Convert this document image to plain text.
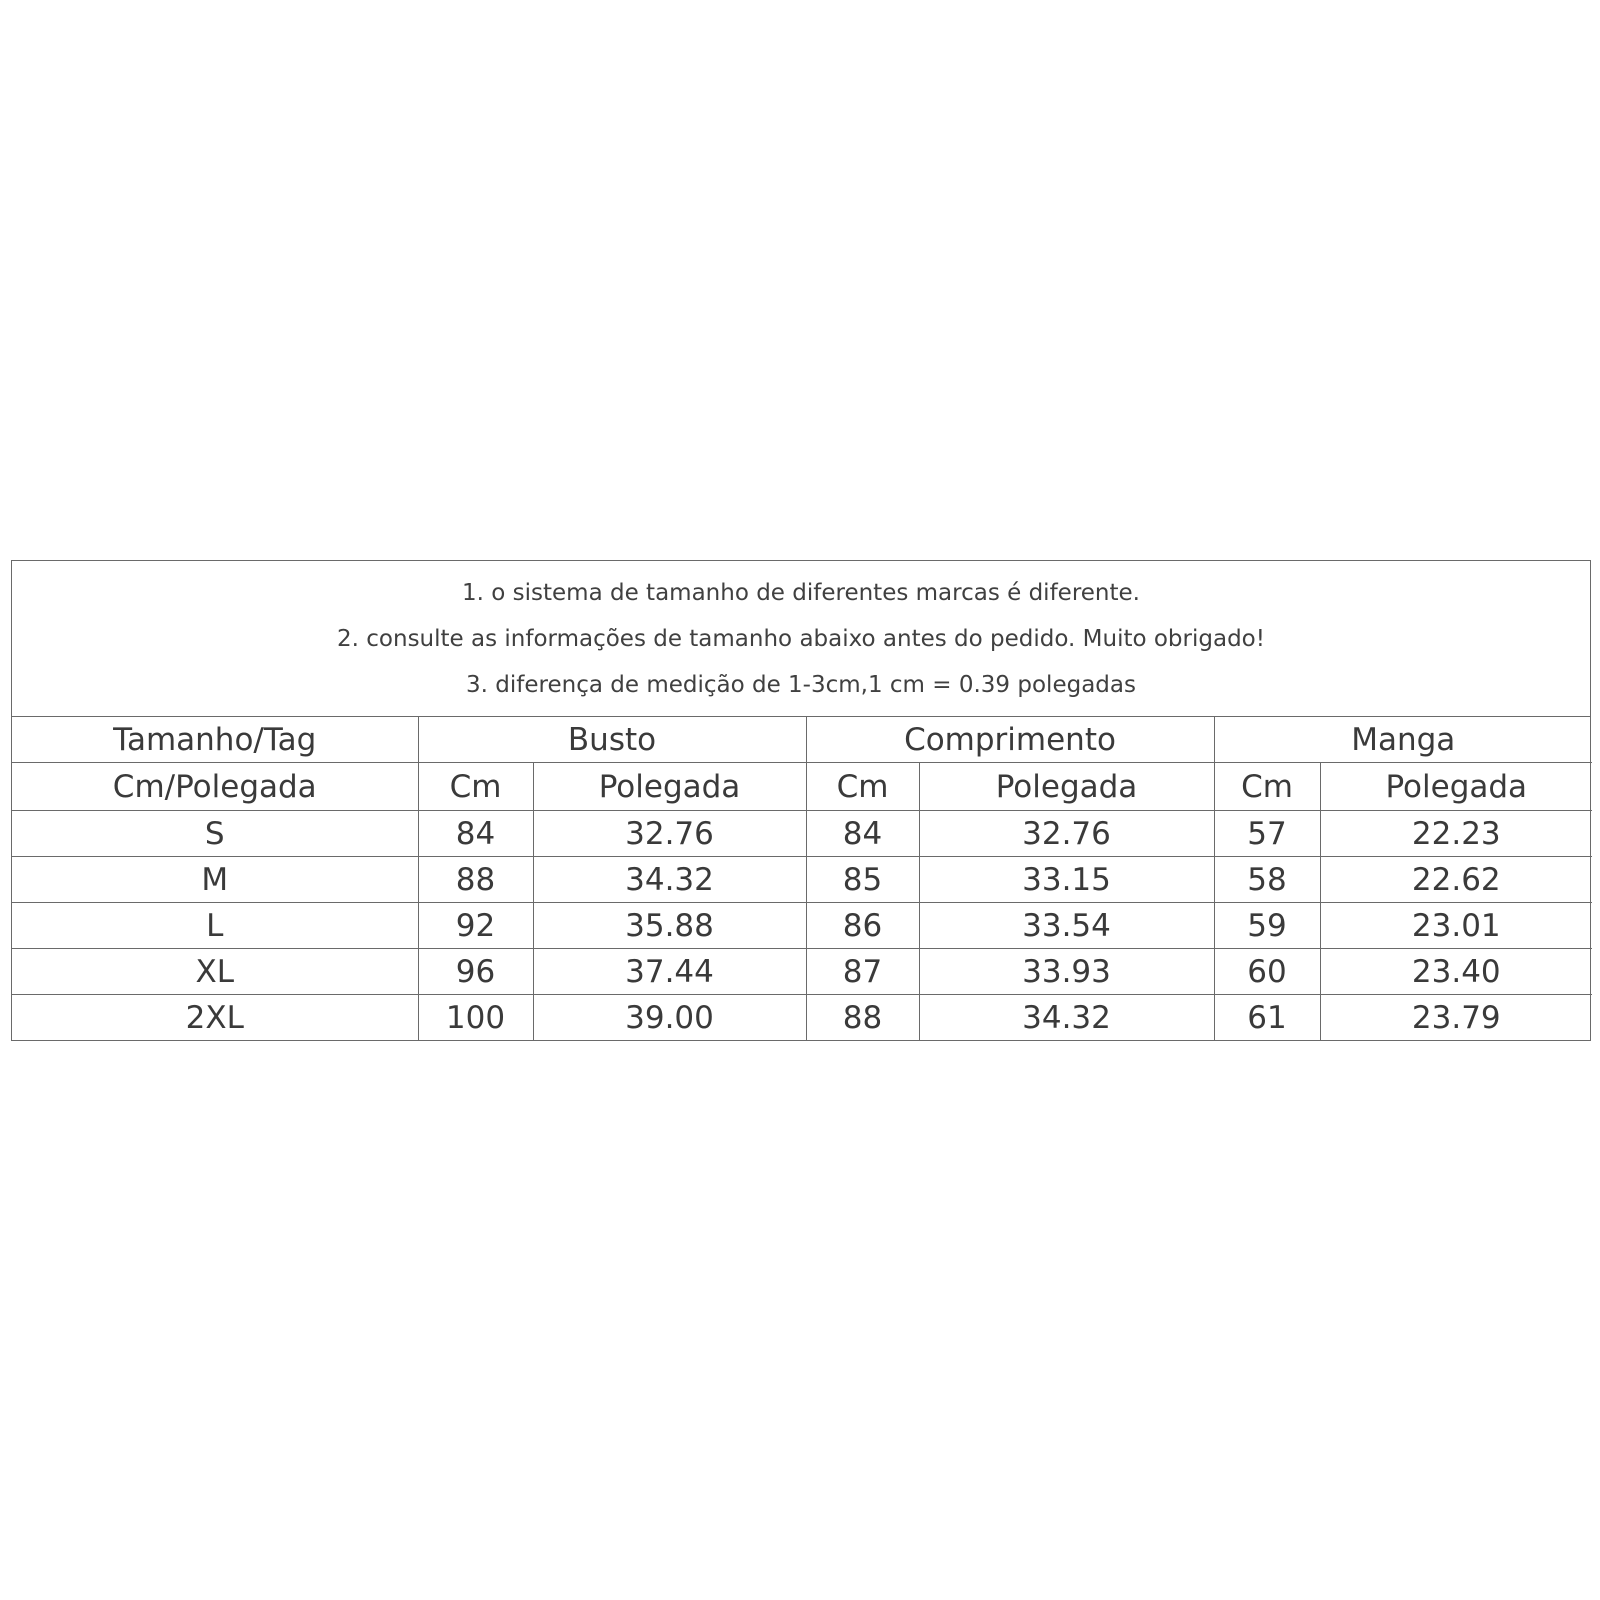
1. o sistema de tamanho de diferentes marcas é diferente.
2. consulte as informações de tamanho abaixo antes do pedido. Muito obrigado!
3. diferença de medição de 1-3cm,1 cm = 0.39 polegadas
Tamanho/Tag	Busto		Comprimento		Manga	
Cm/Polegada	Cm	Polegada	Cm	Polegada	Cm	Polegada
S	84	32.76	84	32.76	57	22.23
M	88	34.32	85	33.15	58	22.62
L	92	35.88	86	33.54	59	23.01
XL	96	37.44	87	33.93	60	23.40
2XL	100	39.00	88	34.32	61	23.79
